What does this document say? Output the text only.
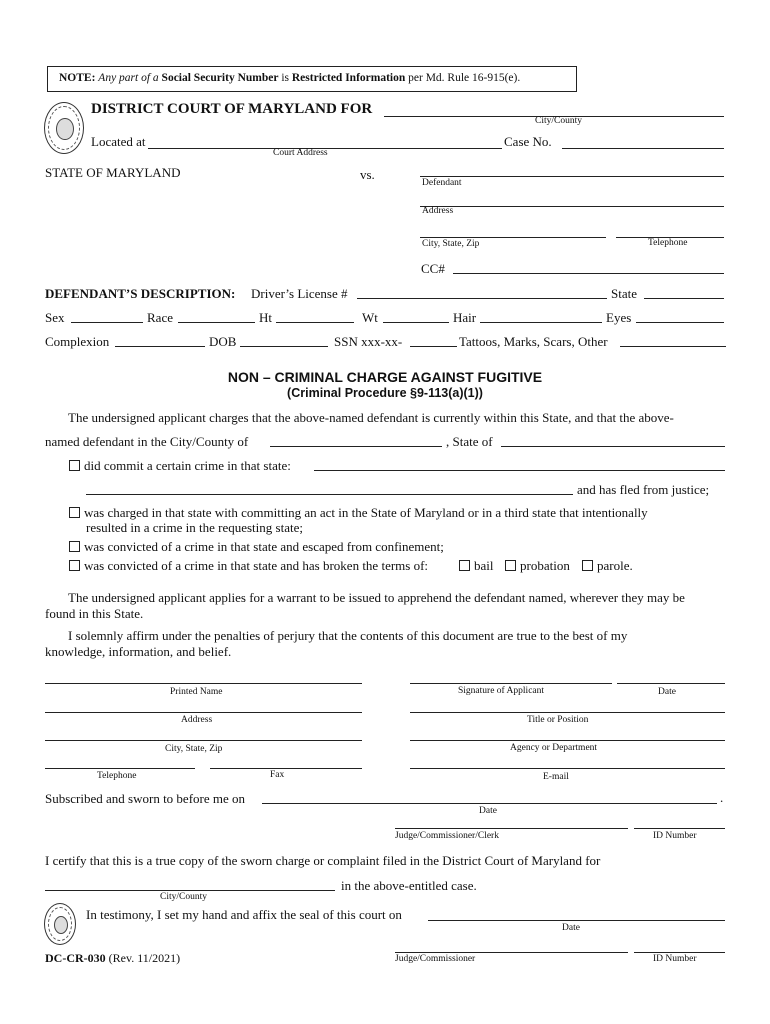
NOTE: Any part of a Social Security Number is Restricted Information per Md. Rule 16-915(e).
DISTRICT COURT OF MARYLAND FOR
City/County
Located at
Court Address
Case No.
STATE OF MARYLAND	vs.
Defendant
Address
City, State, Zip	Telephone
CC#
DEFENDANT’S DESCRIPTION: Driver’s License #	State
Sex	Race	Ht	Wt	Hair	Eyes
Complexion	DOB	SSN xxx-xx-	Tattoos, Marks, Scars, Other
NON – CRIMINAL CHARGE AGAINST FUGITIVE
(Criminal Procedure §9-113(a)(1))
The undersigned applicant charges that the above-named defendant is currently within this State, and that the above-
named defendant in the City/County of	, State of
did commit a certain crime in that state:
and has fled from justice;
was charged in that state with committing an act in the State of Maryland or in a third state that intentionally
resulted in a crime in the requesting state;
was convicted of a crime in that state and escaped from confinement;
was convicted of a crime in that state and has broken the terms of:	bail	probation	parole.
The undersigned applicant applies for a warrant to be issued to apprehend the defendant named, wherever they may be
found in this State.
I solemnly affirm under the penalties of perjury that the contents of this document are true to the best of my
knowledge, information, and belief.
Printed Name	Signature of Applicant	Date
Address	Title or Position
City, State, Zip	Agency or Department
Telephone	Fax	E-mail
Subscribed and sworn to before me on	.
Date
Judge/Commissioner/Clerk	ID Number
I certify that this is a true copy of the sworn charge or complaint filed in the District Court of Maryland for
in the above-entitled case.
City/County
In testimony, I set my hand and affix the seal of this court on
Date
Judge/Commissioner	ID Number
DC-CR-030 (Rev. 11/2021)
